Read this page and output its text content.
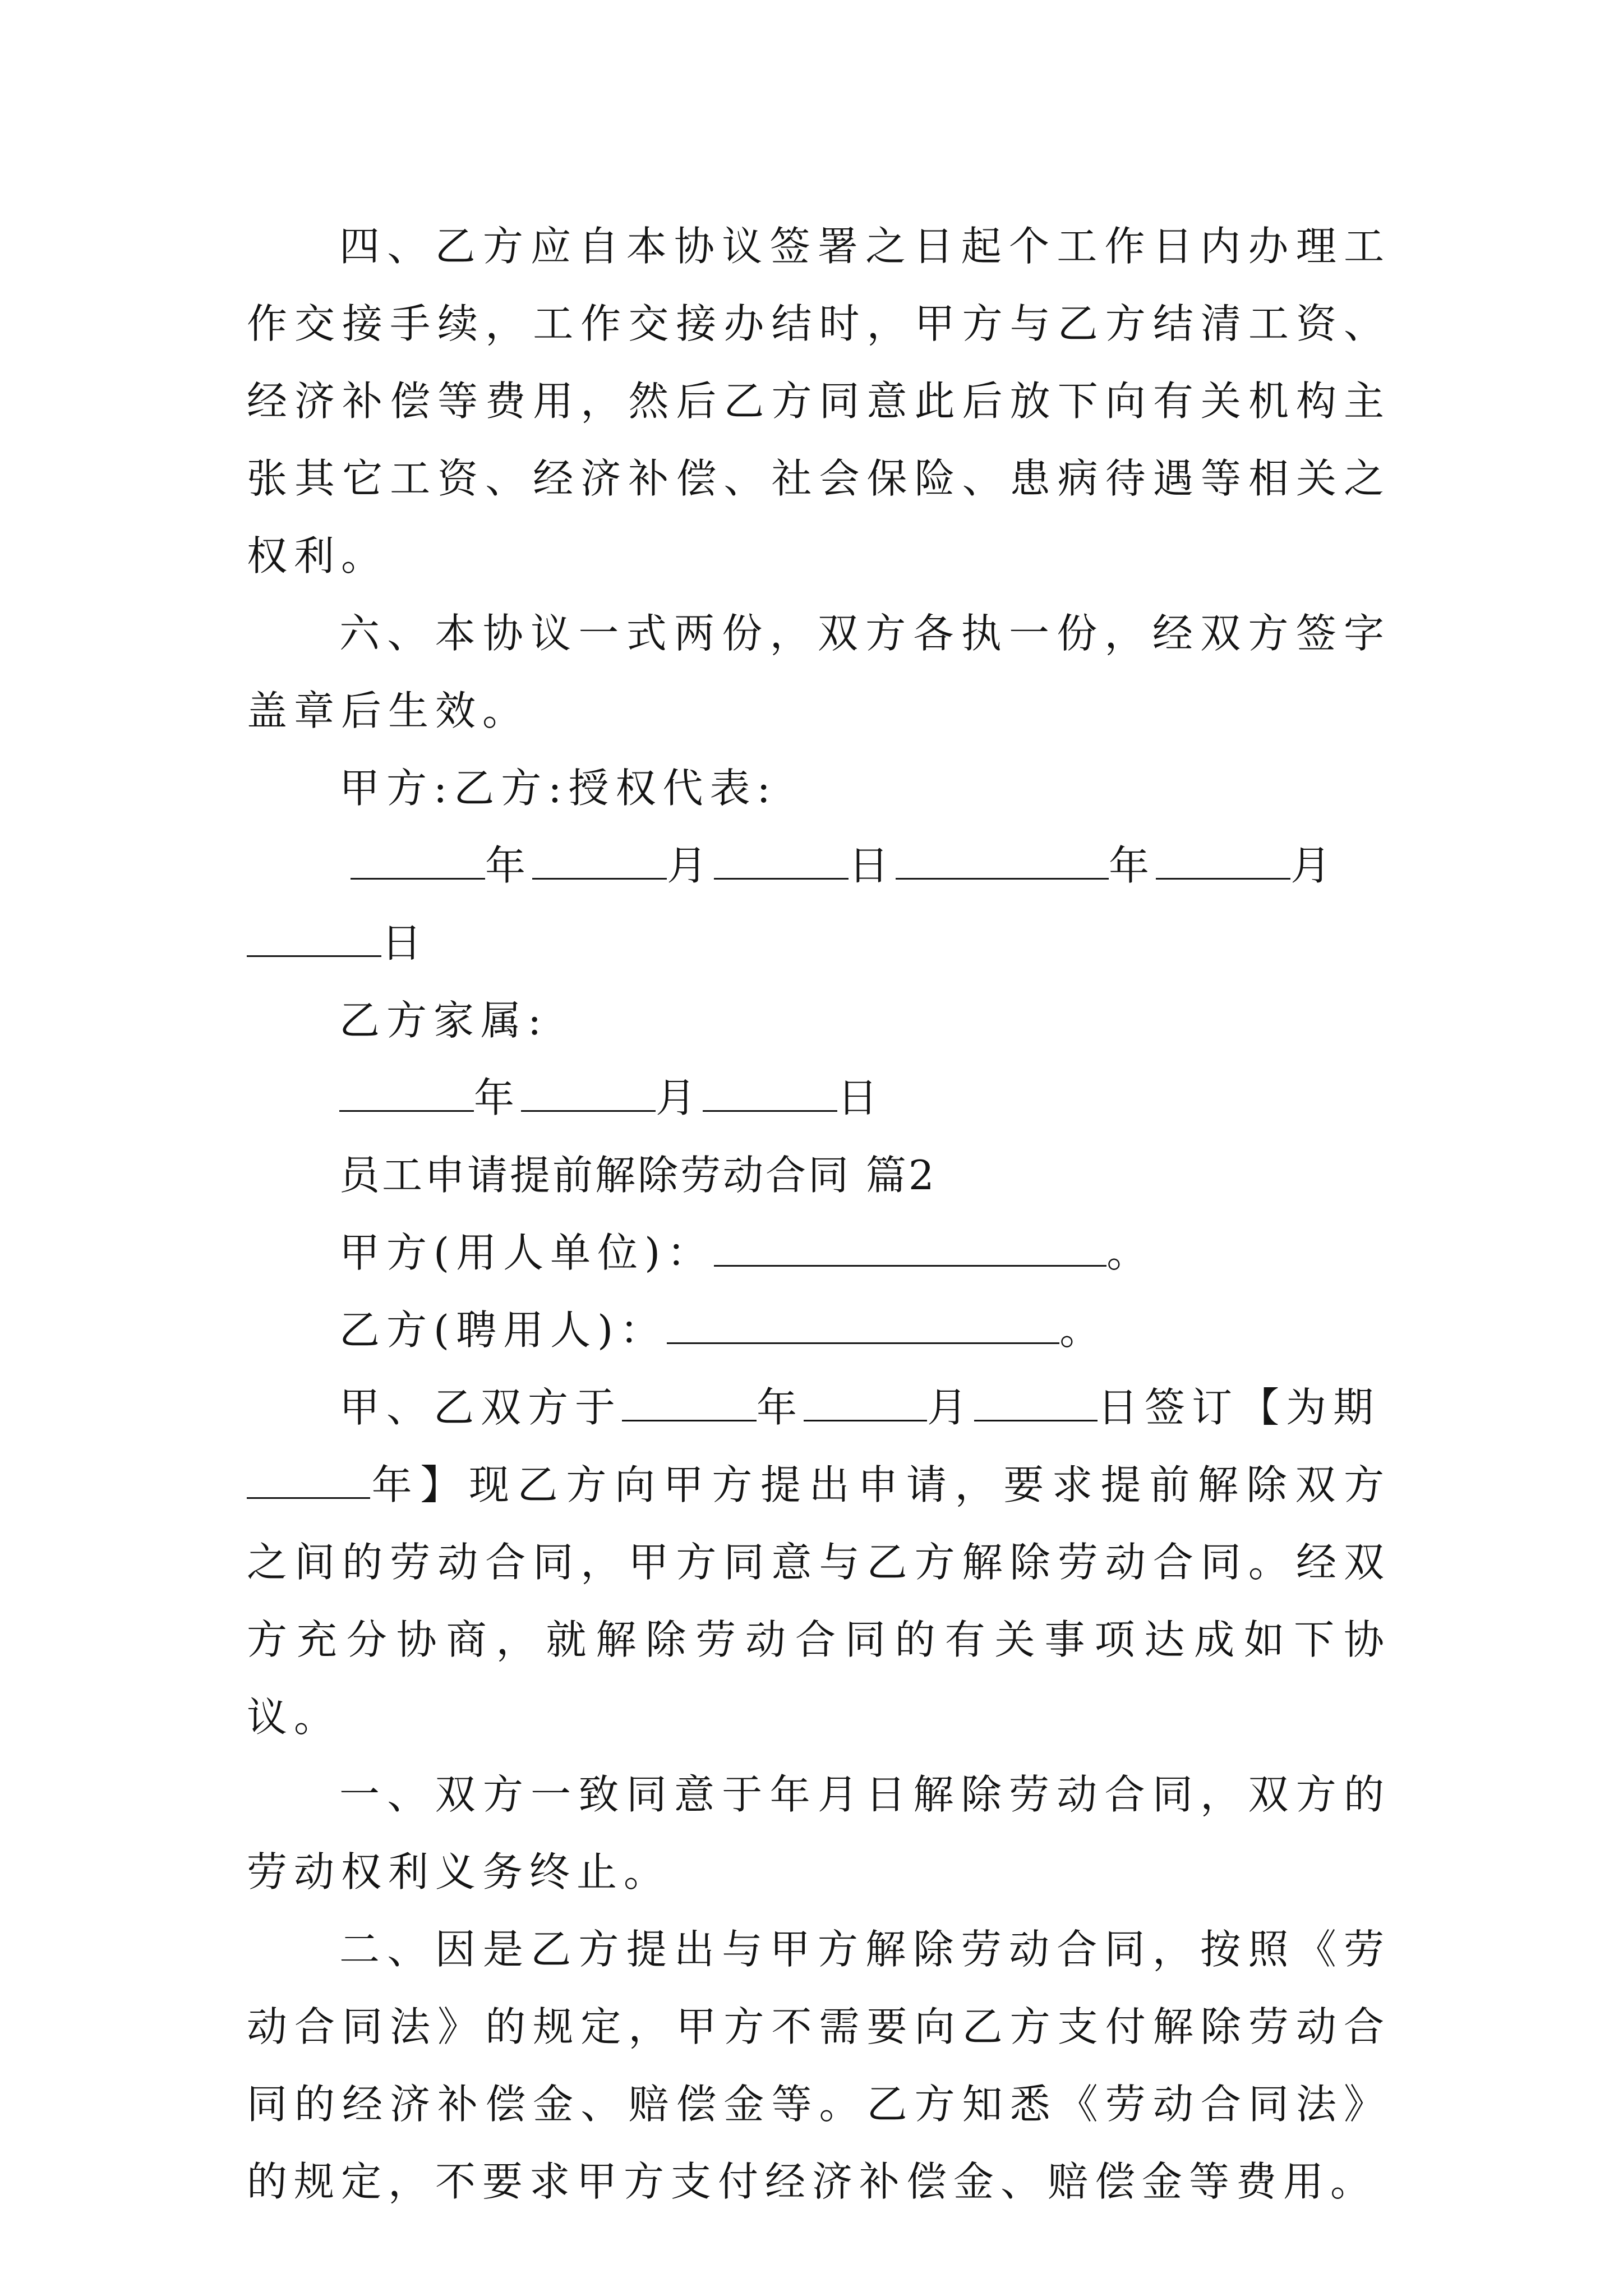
四、乙方应自本协议签署之日起个工作日内办理工作交接手续，工作交接办结时，甲方与乙方结清工资、经济补偿等费用，然后乙方同意此后放下向有关机构主张其它工资、经济补偿、社会保险、患病待遇等相关之权利。

六、本协议一式两份，双方各执一份，经双方签字盖章后生效。

甲方:乙方:授权代表:

年	月	日	年	月

日

乙方家属:

年	月	日

员工申请提前解除劳动合同 篇2

甲方(用人单位)：	。

乙方(聘用人)：	。

甲、乙双方于	年	月	日签订【为期

年】现乙方向甲方提出申请，要求提前解除双方之间的劳动合同，甲方同意与乙方解除劳动合同。经双方充分协商，就解除劳动合同的有关事项达成如下协议。

一、双方一致同意于年月日解除劳动合同，双方的劳动权利义务终止。

二、因是乙方提出与甲方解除劳动合同，按照《劳动合同法》的规定，甲方不需要向乙方支付解除劳动合同的经济补偿金、赔偿金等。乙方知悉《劳动合同法》的规定，不要求甲方支付经济补偿金、赔偿金等费用。
